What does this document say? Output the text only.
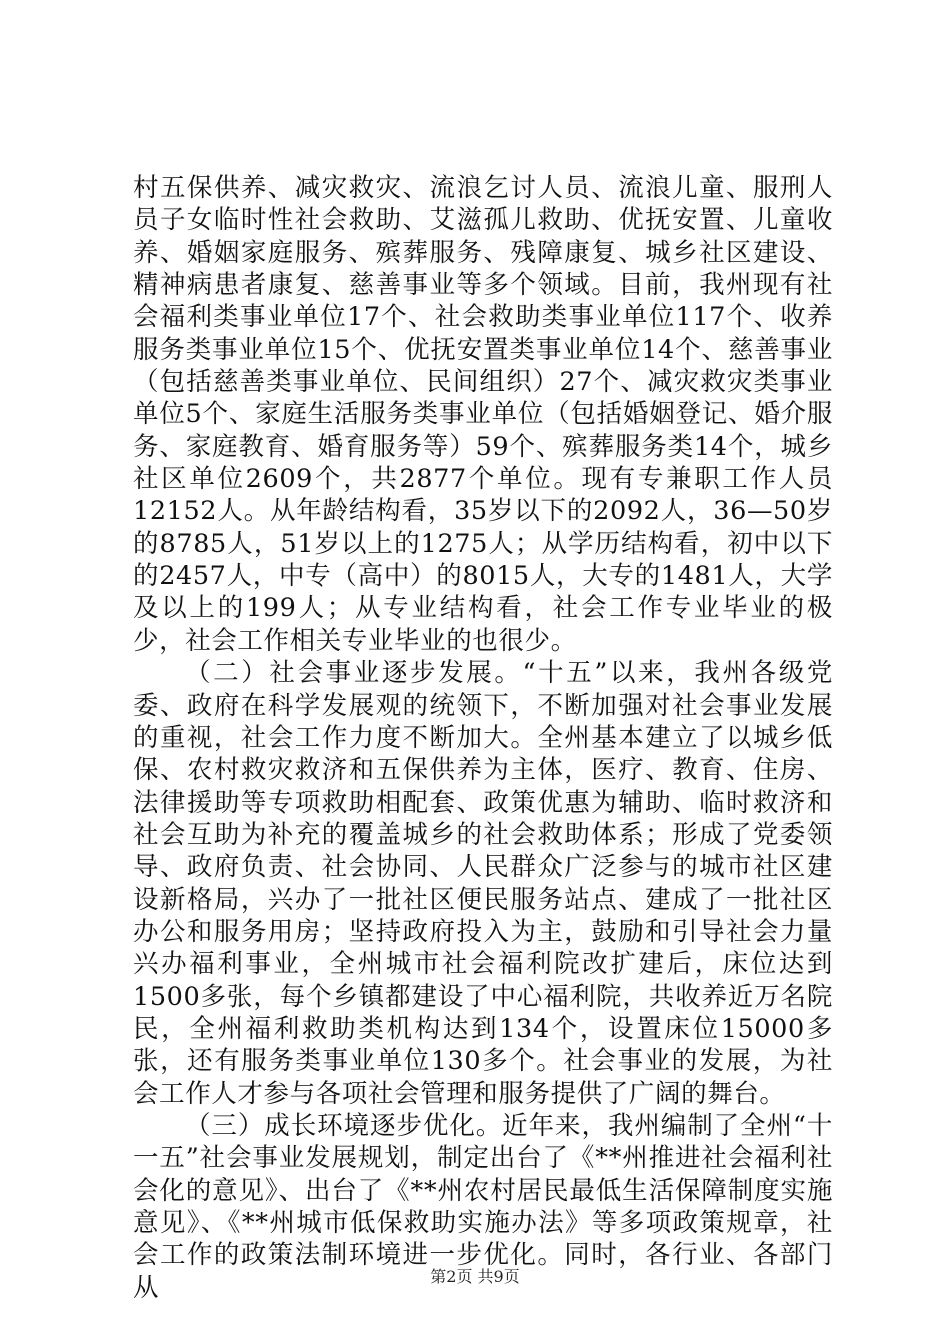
村五保供养、减灾救灾、流浪乞讨人员、流浪儿童、服刑人员子女临时性社会救助、艾滋孤儿救助、优抚安置、儿童收养、婚姻家庭服务、殡葬服务、残障康复、城乡社区建设、精神病患者康复、慈善事业等多个领域。目前，我州现有社会福利类事业单位17个、社会救助类事业单位117个、收养服务类事业单位15个、优抚安置类事业单位14个、慈善事业（包括慈善类事业单位、民间组织）27个、减灾救灾类事业单位5个、家庭生活服务类事业单位（包括婚姻登记、婚介服务、家庭教育、婚育服务等）59个、殡葬服务类14个，城乡社区单位2609个，共2877个单位。现有专兼职工作人员12152人。从年龄结构看，35岁以下的2092人，36—50岁的8785人，51岁以上的1275人；从学历结构看，初中以下的2457人，中专（高中）的8015人，大专的1481人，大学及以上的199人；从专业结构看，社会工作专业毕业的极少，社会工作相关专业毕业的也很少。

（二）社会事业逐步发展。“十五”以来，我州各级党委、政府在科学发展观的统领下，不断加强对社会事业发展的重视，社会工作力度不断加大。全州基本建立了以城乡低保、农村救灾救济和五保供养为主体，医疗、教育、住房、法律援助等专项救助相配套、政策优惠为辅助、临时救济和社会互助为补充的覆盖城乡的社会救助体系；形成了党委领导、政府负责、社会协同、人民群众广泛参与的城市社区建设新格局，兴办了一批社区便民服务站点、建成了一批社区办公和服务用房；坚持政府投入为主，鼓励和引导社会力量兴办福利事业，全州城市社会福利院改扩建后，床位达到1500多张，每个乡镇都建设了中心福利院，共收养近万名院民，全州福利救助类机构达到134个，设置床位15000多张，还有服务类事业单位130多个。社会事业的发展，为社会工作人才参与各项社会管理和服务提供了广阔的舞台。

（三）成长环境逐步优化。近年来，我州编制了全州“十一五”社会事业发展规划，制定出台了《**州推进社会福利社会化的意见》、出台了《**州农村居民最低生活保障制度实施意见》、《**州城市低保救助实施办法》等多项政策规章，社会工作的政策法制环境进一步优化。同时，各行业、各部门从	第2页 共9页
